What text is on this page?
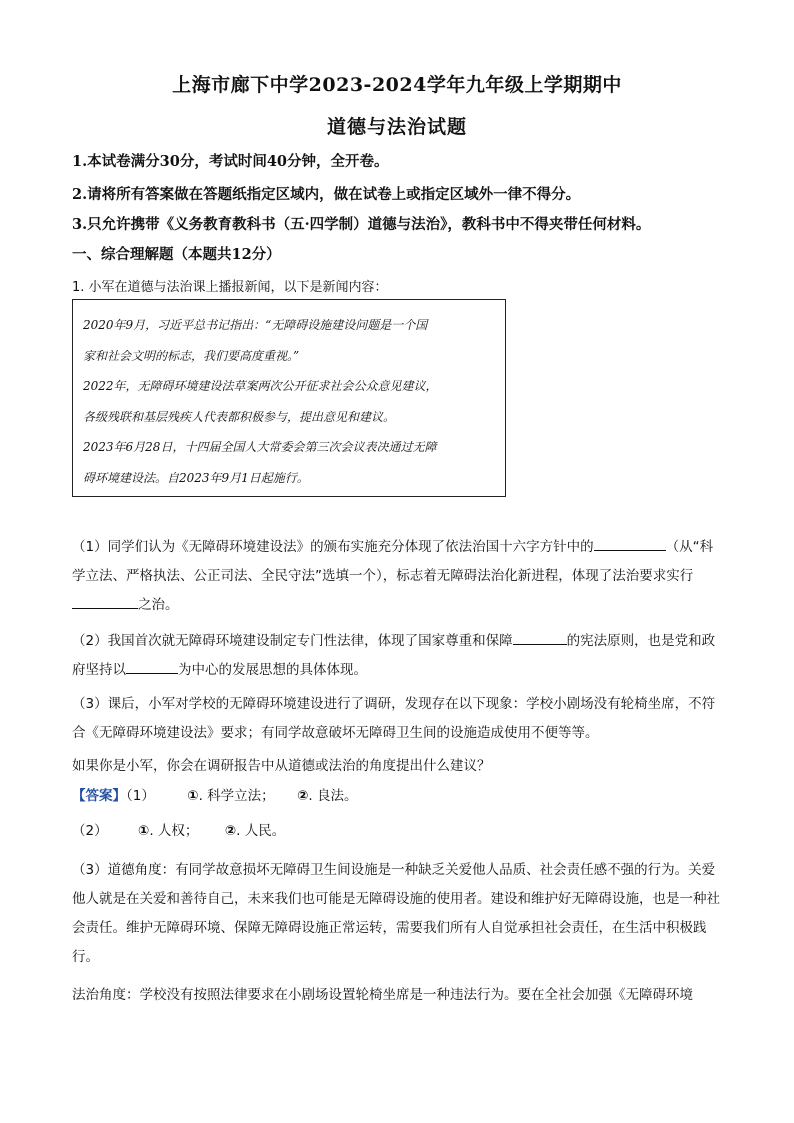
上海市廊下中学2023-2024学年九年级上学期期中
道德与法治试题
1.本试卷满分30分，考试时间40分钟，全开卷。
2.请将所有答案做在答题纸指定区域内，做在试卷上或指定区域外一律不得分。
3.只允许携带《义务教育教科书（五·四学制）道德与法治》，教科书中不得夹带任何材料。
一、综合理解题（本题共12分）
1. 小军在道德与法治课上播报新闻，以下是新闻内容：
2020年9月，习近平总书记指出：“无障碍设施建设问题是一个国
家和社会文明的标志，我们要高度重视。”
2022年，无障碍环境建设法草案两次公开征求社会公众意见建议，
各级残联和基层残疾人代表都积极参与，提出意见和建议。
2023年6月28日，十四届全国人大常委会第三次会议表决通过无障
碍环境建设法。自2023年9月1日起施行。
（1）同学们认为《无障碍环境建设法》的颁布实施充分体现了依法治国十六字方针中的	（从“科学立法、严格执法、公正司法、全民守法”选填一个），标志着无障碍法治化新进程，体现了法治要求实行之治。
（2）我国首次就无障碍环境建设制定专门性法律，体现了国家尊重和保障	的宪法原则，也是党和政府坚持以	为中心的发展思想的具体体现。
（3）课后，小军对学校的无障碍环境建设进行了调研，发现存在以下现象：学校小剧场没有轮椅坐席，不符合《无障碍环境建设法》要求；有同学故意破坏无障碍卫生间的设施造成使用不便等等。
如果你是小军，你会在调研报告中从道德或法治的角度提出什么建议？
【答案】（1） ①. 科学立法； ②. 良法。
（2） ①. 人权； ②. 人民。
（3）道德角度：有同学故意损坏无障碍卫生间设施是一种缺乏关爱他人品质、社会责任感不强的行为。关爱他人就是在关爱和善待自己，未来我们也可能是无障碍设施的使用者。建设和维护好无障碍设施，也是一种社会责任。维护无障碍环境、保障无障碍设施正常运转，需要我们所有人自觉承担社会责任，在生活中积极践行。
法治角度：学校没有按照法律要求在小剧场设置轮椅坐席是一种违法行为。要在全社会加强《无障碍环境
